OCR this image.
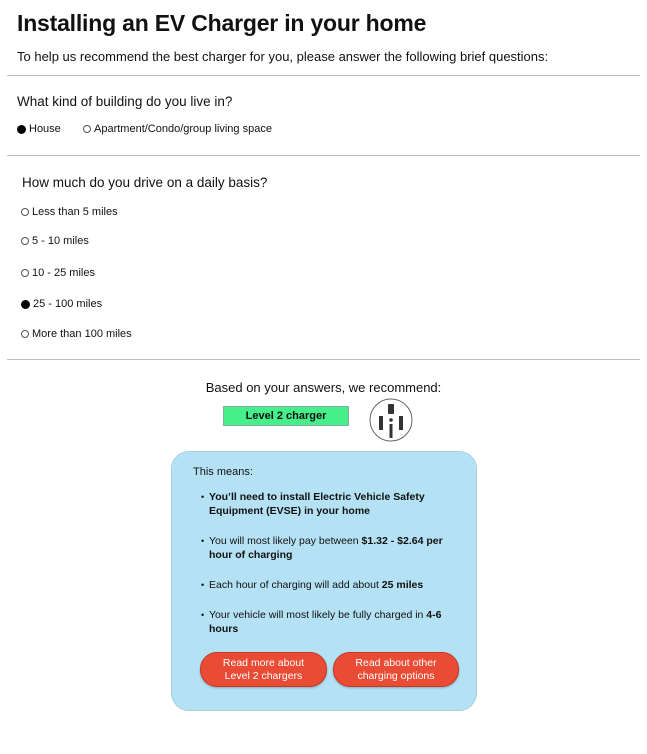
Installing an EV Charger in your home
To help us recommend the best charger for you, please answer the following brief questions:
What kind of building do you live in?
House	Apartment/Condo/group living space
How much do you drive on a daily basis?
Less than 5 miles
5 - 10 miles
10 - 25 miles
25 - 100 miles
More than 100 miles
Based on your answers, we recommend:
Level 2 charger
This means:
• You’ll need to install Electric Vehicle Safety Equipment (EVSE) in your home
• You will most likely pay between $1.32 - $2.64 per hour of charging
• Each hour of charging will add about 25 miles
• Your vehicle will most likely be fully charged in 4-6 hours
Read more about Level 2 chargers
Read about other charging options
